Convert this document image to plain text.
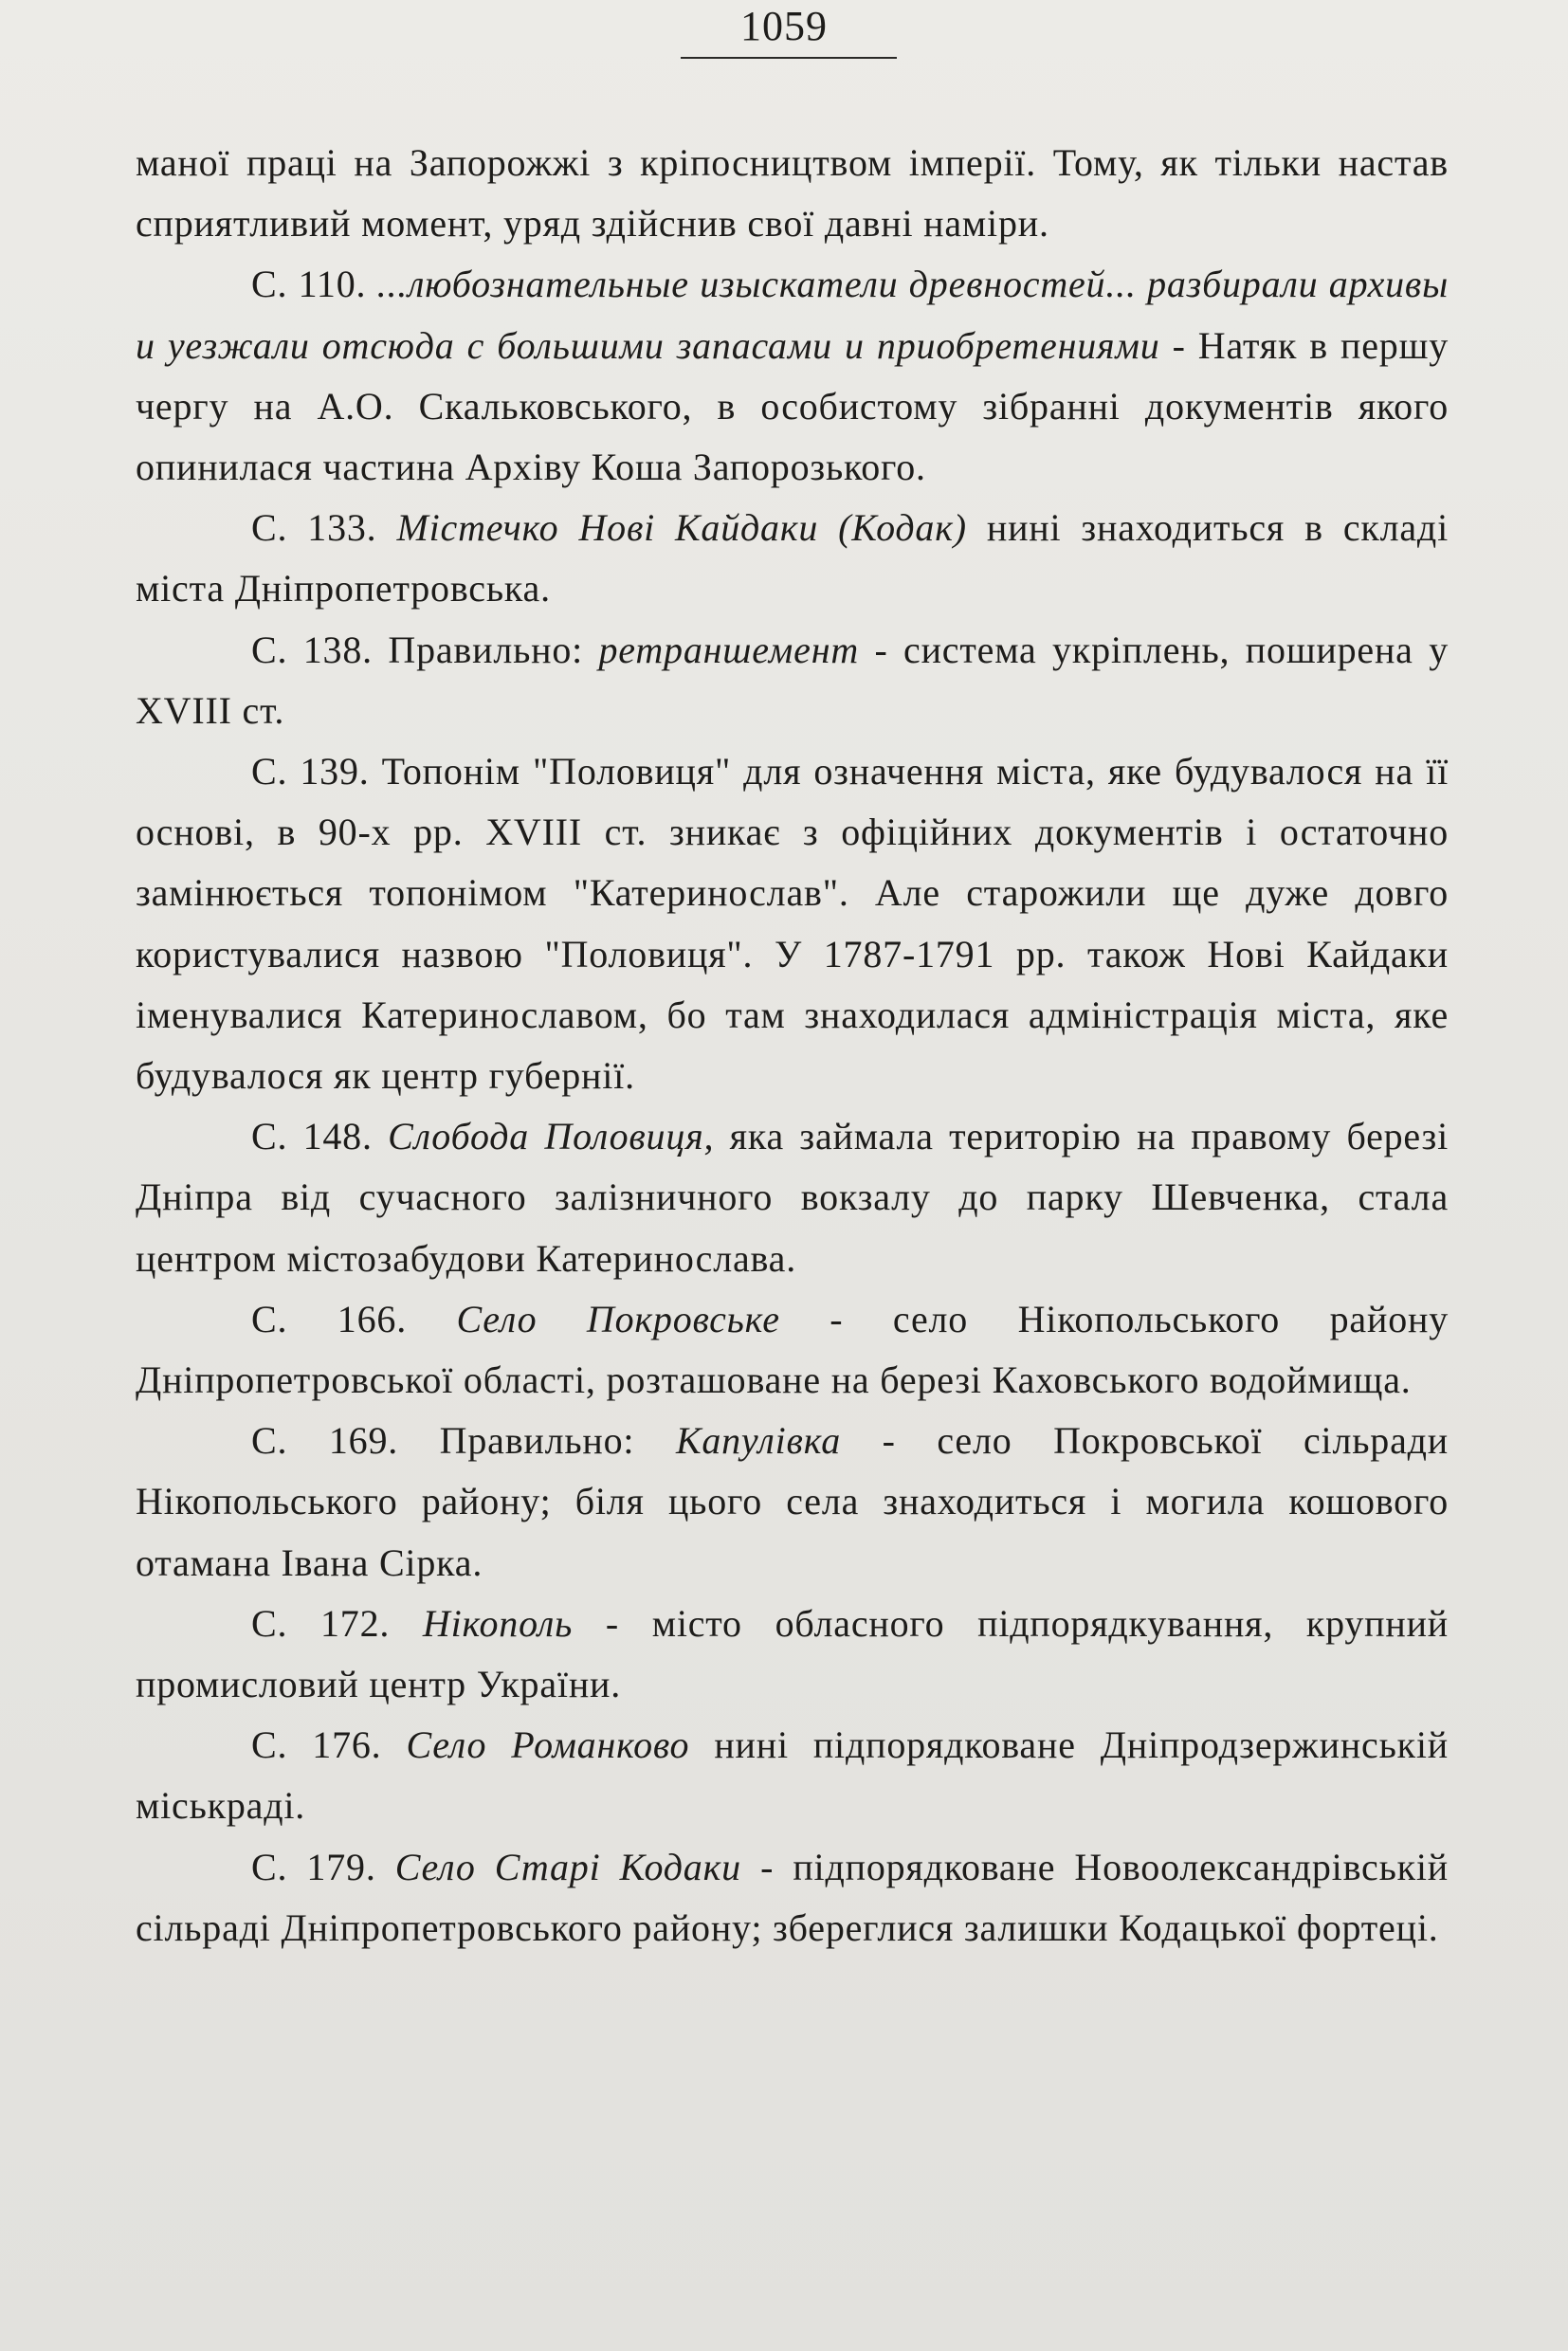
1059

маної праці на Запорожжі з кріпосництвом імперії. Тому, як тільки настав сприятливий момент, уряд здійснив свої давні наміри.

С. 110. ...любознательные изыскатели древностей... разбирали архивы и уезжали отсюда с большими запасами и приобретениями - Натяк в першу чергу на А.О. Скальковського, в особистому зібранні документів якого опинилася частина Архіву Коша Запорозького.

С. 133. Містечко Нові Кайдаки (Кодак) нині знаходиться в складі міста Дніпропетровська.

С. 138. Правильно: ретраншемент - система укріплень, поширена у XVIII ст.

С. 139. Топонім "Половиця" для означення міста, яке будувалося на її основі, в 90-х рр. XVIII ст. зникає з офіційних документів і остаточно замінюється топонімом "Катеринослав". Але старожили ще дуже довго користувалися назвою "Половиця". У 1787-1791 рр. також Нові Кайдаки іменувалися Катеринославом, бо там знаходилася адміністрація міста, яке будувалося як центр губернії.

С. 148. Слобода Половиця, яка займала територію на правому березі Дніпра від сучасного залізничного вокзалу до парку Шевченка, стала центром містозабудови Катеринослава.

С. 166. Село Покровське - село Нікопольського району Дніпропетровської області, розташоване на березі Каховського водоймища.

С. 169. Правильно: Капулівка - село Покровської сільради Нікопольського району; біля цього села знаходиться і могила кошового отамана Івана Сірка.

С. 172. Нікополь - місто обласного підпорядкування, крупний промисловий центр України.

С. 176. Село Романково нині підпорядковане Дніпродзержинській міськраді.

С. 179. Село Старі Кодаки - підпорядковане Новоолександрівській сільраді Дніпропетровського району; збереглися залишки Кодацької фортеці.
